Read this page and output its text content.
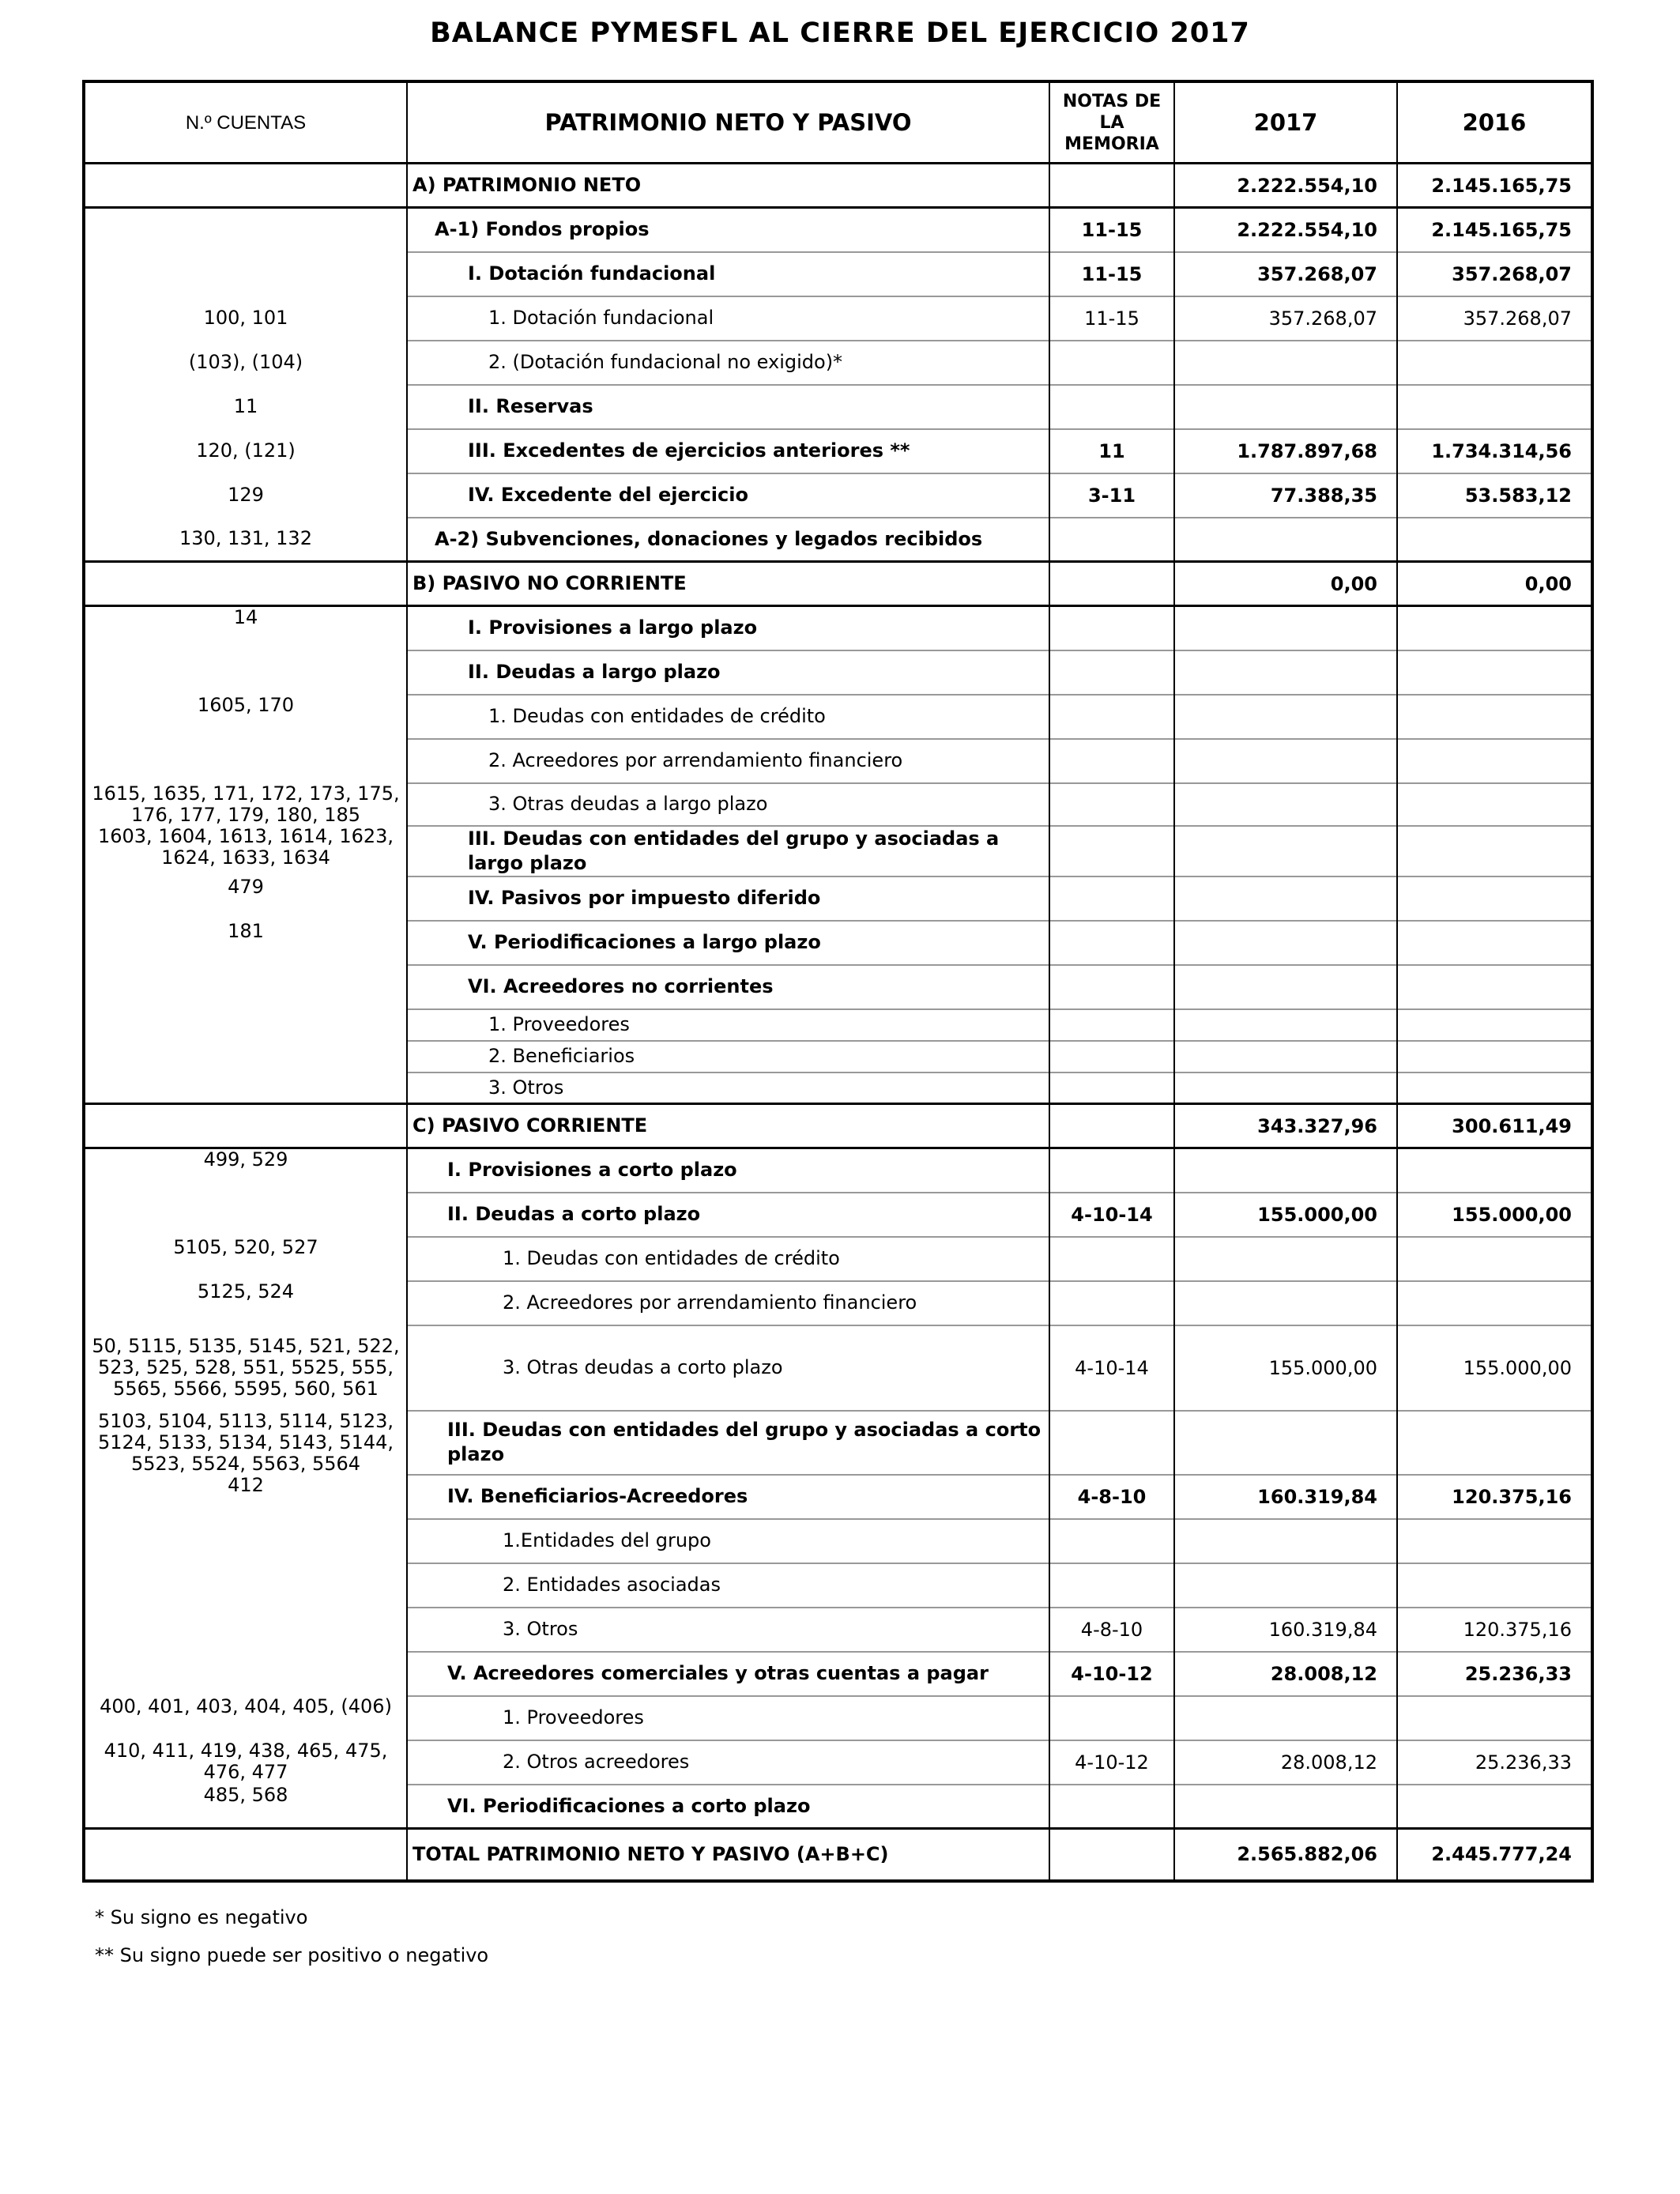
BALANCE PYMESFL AL CIERRE DEL EJERCICIO 2017
N.º CUENTAS	PATRIMONIO NETO Y PASIVO	NOTAS DE LA MEMORIA	2017	2016

	A) PATRIMONIO NETO		2.222.554,10	2.145.165,75

	A-1) Fondos propios	11-15	2.222.554,10	2.145.165,75

	I. Dotación fundacional	11-15	357.268,07	357.268,07

100, 101	1. Dotación fundacional	11-15	357.268,07	357.268,07

(103), (104)	2. (Dotación fundacional no exigido)*			

11	II. Reservas			

120, (121)	III. Excedentes de ejercicios anteriores **	11	1.787.897,68	1.734.314,56

129	IV. Excedente del ejercicio	3-11	77.388,35	53.583,12

130, 131, 132	A-2) Subvenciones, donaciones y legados recibidos			

	B) PASIVO NO CORRIENTE		0,00	0,00

14	I. Provisiones a largo plazo			

	II. Deudas a largo plazo			

1605, 170	1. Deudas con entidades de crédito			

	2. Acreedores por arrendamiento financiero			

1615, 1635, 171, 172, 173, 175, 176, 177, 179, 180, 185	3. Otras deudas a largo plazo			

1603, 1604, 1613, 1614, 1623, 1624, 1633, 1634	III. Deudas con entidades del grupo y asociadas a largo plazo			

479	IV. Pasivos por impuesto diferido			

181	V. Periodificaciones a largo plazo			

	VI. Acreedores no corrientes			

	1. Proveedores			

	2. Beneficiarios			

	3. Otros			

	C) PASIVO CORRIENTE		343.327,96	300.611,49

499, 529	I. Provisiones a corto plazo			

	II. Deudas a corto plazo	4-10-14	155.000,00	155.000,00

5105, 520, 527	1. Deudas con entidades de crédito			

5125, 524	2. Acreedores por arrendamiento financiero			

50, 5115, 5135, 5145, 521, 522, 523, 525, 528, 551, 5525, 555, 5565, 5566, 5595, 560, 561	3. Otras deudas a corto plazo	4-10-14	155.000,00	155.000,00

5103, 5104, 5113, 5114, 5123, 5124, 5133, 5134, 5143, 5144, 5523, 5524, 5563, 5564	III. Deudas con entidades del grupo y asociadas a corto plazo			

412	IV. Beneficiarios-Acreedores	4-8-10	160.319,84	120.375,16

	1.Entidades del grupo			

	2. Entidades asociadas			

	3. Otros	4-8-10	160.319,84	120.375,16

	V. Acreedores comerciales y otras cuentas a pagar	4-10-12	28.008,12	25.236,33

400, 401, 403, 404, 405, (406)	1. Proveedores			

410, 411, 419, 438, 465, 475, 476, 477	2. Otros acreedores	4-10-12	28.008,12	25.236,33

485, 568	VI. Periodificaciones a corto plazo			

	TOTAL PATRIMONIO NETO Y PASIVO (A+B+C)		2.565.882,06	2.445.777,24
* Su signo es negativo
** Su signo puede ser positivo o negativo
